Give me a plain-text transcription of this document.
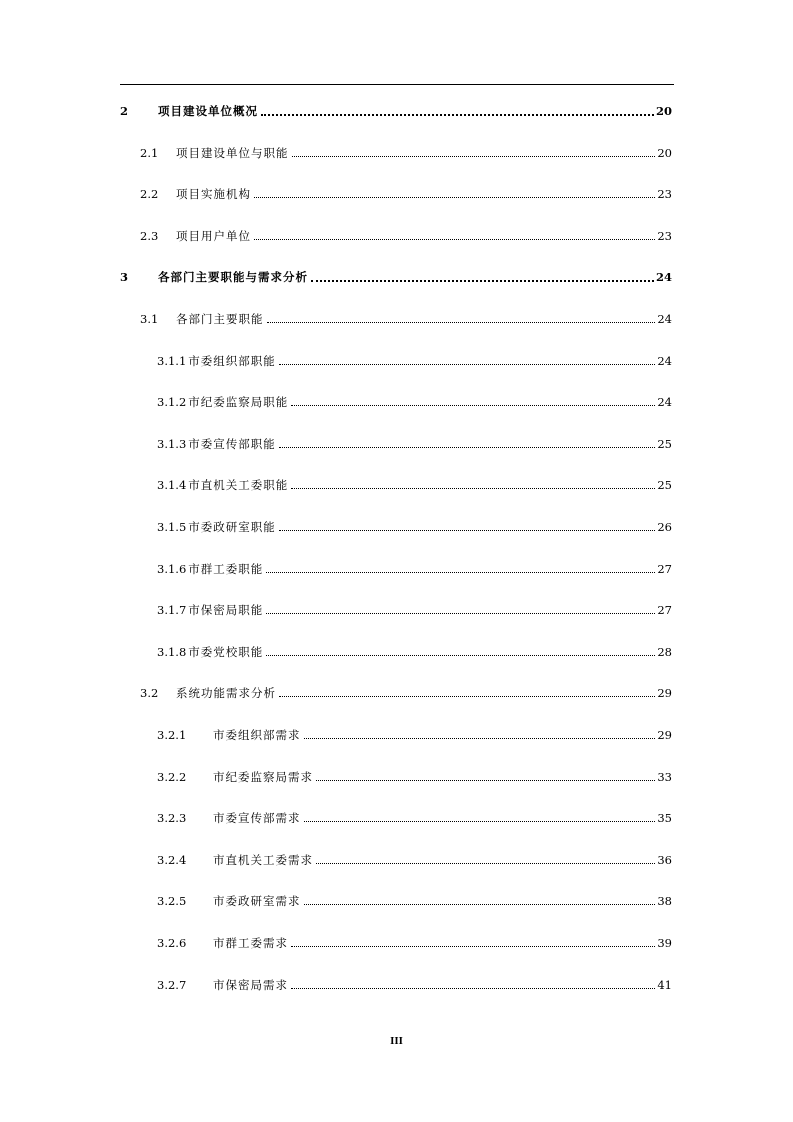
2	项目建设单位概况	20
2.1	项目建设单位与职能	20
2.2	项目实施机构	23
2.3	项目用户单位	23
3	各部门主要职能与需求分析	24
3.1	各部门主要职能	24
3.1.1 市委组织部职能	24
3.1.2 市纪委监察局职能	24
3.1.3 市委宣传部职能	25
3.1.4 市直机关工委职能	25
3.1.5 市委政研室职能	26
3.1.6 市群工委职能	27
3.1.7 市保密局职能	27
3.1.8 市委党校职能	28
3.2	系统功能需求分析	29
3.2.1	市委组织部需求	29
3.2.2	市纪委监察局需求	33
3.2.3	市委宣传部需求	35
3.2.4	市直机关工委需求	36
3.2.5	市委政研室需求	38
3.2.6	市群工委需求	39
3.2.7	市保密局需求	41
III
